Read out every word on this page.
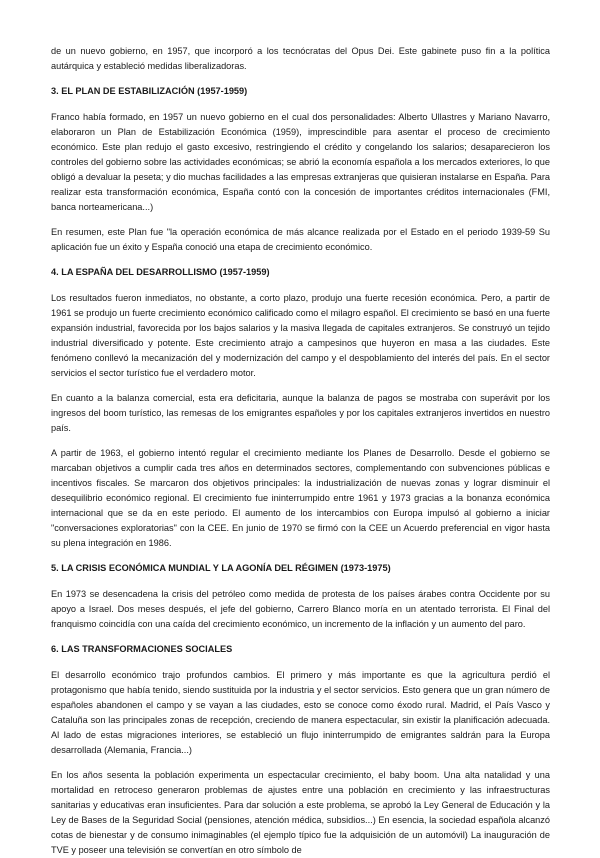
de un nuevo gobierno, en 1957, que incorporó a los tecnócratas del Opus Dei. Este gabinete puso fin a la política autárquica y estableció medidas liberalizadoras.

3. EL PLAN DE ESTABILIZACIÓN (1957-1959)

Franco había formado, en 1957 un nuevo gobierno en el cual dos personalidades: Alberto Ullastres y Mariano Navarro, elaboraron un Plan de Estabilización Económica (1959), imprescindible para asentar el proceso de crecimiento económico. Este plan redujo el gasto excesivo, restringiendo el crédito y congelando los salarios; desaparecieron los controles del gobierno sobre las actividades económicas; se abrió la economía española a los mercados exteriores, lo que obligó a devaluar la peseta; y dio muchas facilidades a las empresas extranjeras que quisieran instalarse en España. Para realizar esta transformación económica, España contó con la concesión de importantes créditos internacionales (FMI, banca norteamericana...)

En resumen, este Plan fue "la operación económica de más alcance realizada por el Estado en el periodo 1939-59 Su aplicación fue un éxito y España conoció una etapa de crecimiento económico.

4. LA ESPAÑA DEL DESARROLLISMO (1957-1959)

Los resultados fueron inmediatos, no obstante, a corto plazo, produjo una fuerte recesión económica. Pero, a partir de 1961 se produjo un fuerte crecimiento económico calificado como el milagro español. El crecimiento se basó en una fuerte expansión industrial, favorecida por los bajos salarios y la masiva llegada de capitales extranjeros. Se construyó un tejido industrial diversificado y potente. Este crecimiento atrajo a campesinos que huyeron en masa a las ciudades. Este fenómeno conllevó la mecanización del y modernización del campo y el despoblamiento del interés del país. En el sector servicios el sector turístico fue el verdadero motor.

En cuanto a la balanza comercial, esta era deficitaria, aunque la balanza de pagos se mostraba con superávit por los ingresos del boom turístico, las remesas de los emigrantes españoles y por los capitales extranjeros invertidos en nuestro país.

A partir de 1963, el gobierno intentó regular el crecimiento mediante los Planes de Desarrollo. Desde el gobierno se marcaban objetivos a cumplir cada tres años en determinados sectores, complementando con subvenciones públicas e incentivos fiscales. Se marcaron dos objetivos principales: la industrialización de nuevas zonas y lograr disminuir el desequilibrio económico regional. El crecimiento fue ininterrumpido entre 1961 y 1973 gracias a la bonanza económica internacional que se da en este periodo. El aumento de los intercambios con Europa impulsó al gobierno a iniciar "conversaciones exploratorias" con la CEE. En junio de 1970 se firmó con la CEE un Acuerdo preferencial en vigor hasta su plena integración en 1986.

5. LA CRISIS ECONÓMICA MUNDIAL Y LA AGONÍA DEL RÉGIMEN (1973-1975)

En 1973 se desencadena la crisis del petróleo como medida de protesta de los países árabes contra Occidente por su apoyo a Israel. Dos meses después, el jefe del gobierno, Carrero Blanco moría en un atentado terrorista. El Final del franquismo coincidía con una caída del crecimiento económico, un incremento de la inflación y un aumento del paro.

6. LAS TRANSFORMACIONES SOCIALES

El desarrollo económico trajo profundos cambios. El primero y más importante es que la agricultura perdió el protagonismo que había tenido, siendo sustituida por la industria y el sector servicios. Esto genera que un gran número de españoles abandonen el campo y se vayan a las ciudades, esto se conoce como éxodo rural. Madrid, el País Vasco y Cataluña son las principales zonas de recepción, creciendo de manera espectacular, sin existir la planificación adecuada. Al lado de estas migraciones interiores, se estableció un flujo ininterrumpido de emigrantes saldrán para la Europa desarrollada (Alemania, Francia...)

En los años sesenta la población experimenta un espectacular crecimiento, el baby boom. Una alta natalidad y una mortalidad en retroceso generaron problemas de ajustes entre una población en crecimiento y las infraestructuras sanitarias y educativas eran insuficientes. Para dar solución a este problema, se aprobó la Ley General de Educación y la Ley de Bases de la Seguridad Social (pensiones, atención médica, subsidios...) En esencia, la sociedad española alcanzó cotas de bienestar y de consumo inimaginables (el ejemplo típico fue la adquisición de un automóvil) La inauguración de TVE y poseer una televisión se convertían en otro símbolo de
